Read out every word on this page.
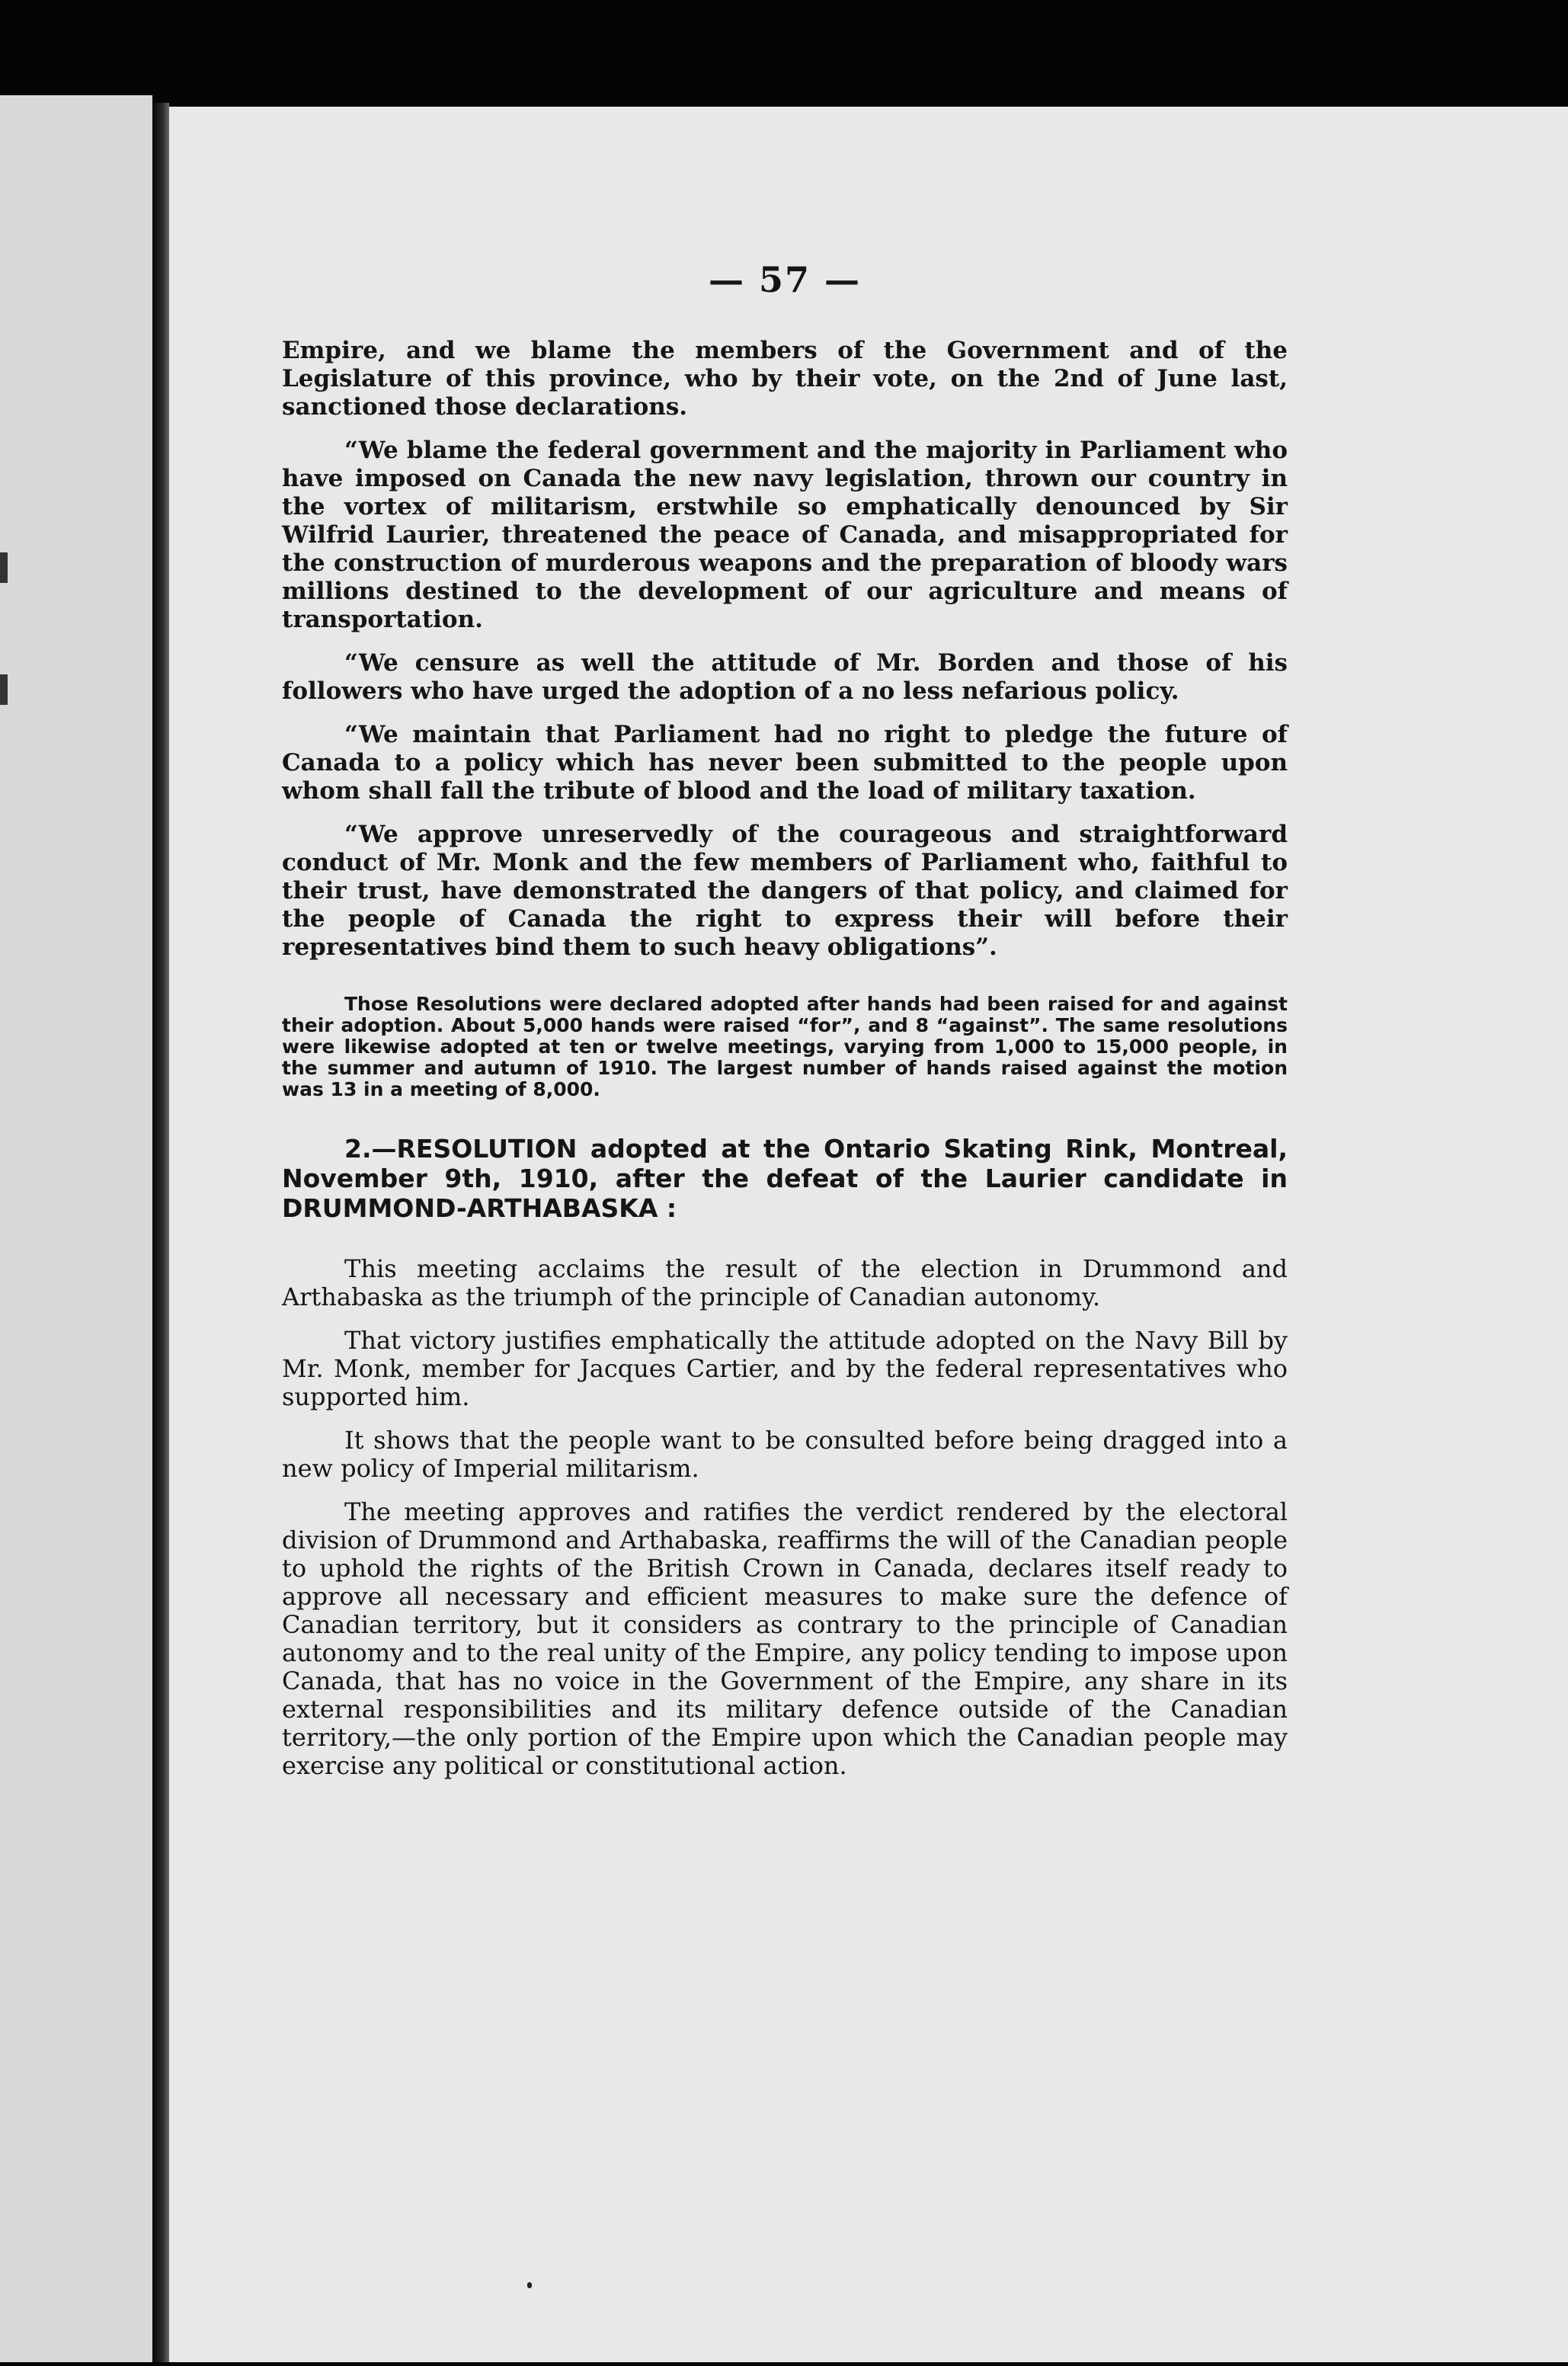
— 57 —

Empire, and we blame the members of the Government and of the Legislature of this province, who by their vote, on the 2nd of June last, sanctioned those declarations.

“We blame the federal government and the majority in Parliament who have imposed on Canada the new navy legislation, thrown our country in the vortex of militarism, erstwhile so emphatically denounced by Sir Wilfrid Laurier, threatened the peace of Canada, and misappropriated for the construction of murderous weapons and the preparation of bloody wars millions destined to the development of our agriculture and means of transportation.

“We censure as well the attitude of Mr. Borden and those of his followers who have urged the adoption of a no less nefarious policy.

“We maintain that Parliament had no right to pledge the future of Canada to a policy which has never been submitted to the people upon whom shall fall the tribute of blood and the load of military taxation.

“We approve unreservedly of the courageous and straightforward conduct of Mr. Monk and the few members of Parliament who, faithful to their trust, have demonstrated the dangers of that policy, and claimed for the people of Canada the right to express their will before their representatives bind them to such heavy obligations”.

Those Resolutions were declared adopted after hands had been raised for and against their adoption. About 5,000 hands were raised “for”, and 8 “against”. The same resolutions were likewise adopted at ten or twelve meetings, varying from 1,000 to 15,000 people, in the summer and autumn of 1910. The largest number of hands raised against the motion was 13 in a meeting of 8,000.

2.—RESOLUTION adopted at the Ontario Skating Rink, Montreal, November 9th, 1910, after the defeat of the Laurier candidate in DRUMMOND-ARTHABASKA :

This meeting acclaims the result of the election in Drummond and Arthabaska as the triumph of the principle of Canadian autonomy.

That victory justifies emphatically the attitude adopted on the Navy Bill by Mr. Monk, member for Jacques Cartier, and by the federal representatives who supported him.

It shows that the people want to be consulted before being dragged into a new policy of Imperial militarism.

The meeting approves and ratifies the verdict rendered by the electoral division of Drummond and Arthabaska, reaffirms the will of the Canadian people to uphold the rights of the British Crown in Canada, declares itself ready to approve all necessary and efficient measures to make sure the defence of Canadian territory, but it considers as contrary to the principle of Canadian autonomy and to the real unity of the Empire, any policy tending to impose upon Canada, that has no voice in the Government of the Empire, any share in its external responsibilities and its military defence outside of the Canadian territory,—the only portion of the Empire upon which the Canadian people may exercise any political or constitutional action.
